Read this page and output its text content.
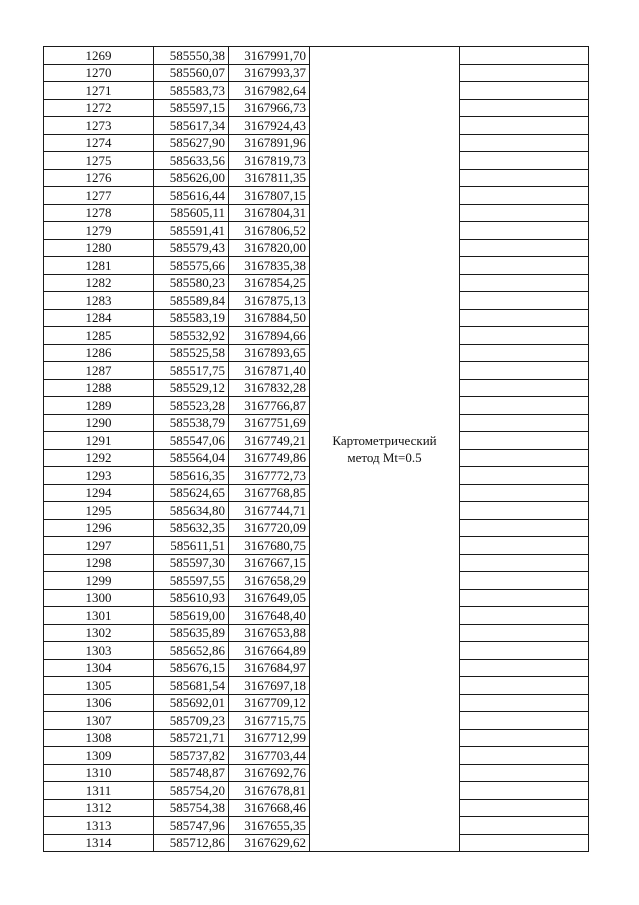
1269	585550,38	3167991,70	Картометрический
метод Mt=0.5	

1270	585560,07	3167993,37		
1271	585583,73	3167982,64		
1272	585597,15	3167966,73		
1273	585617,34	3167924,43		
1274	585627,90	3167891,96		
1275	585633,56	3167819,73		
1276	585626,00	3167811,35		
1277	585616,44	3167807,15		
1278	585605,11	3167804,31		
1279	585591,41	3167806,52		
1280	585579,43	3167820,00		
1281	585575,66	3167835,38		
1282	585580,23	3167854,25		
1283	585589,84	3167875,13		
1284	585583,19	3167884,50		
1285	585532,92	3167894,66		
1286	585525,58	3167893,65		
1287	585517,75	3167871,40		
1288	585529,12	3167832,28		
1289	585523,28	3167766,87		
1290	585538,79	3167751,69		
1291	585547,06	3167749,21		
1292	585564,04	3167749,86		
1293	585616,35	3167772,73		
1294	585624,65	3167768,85		
1295	585634,80	3167744,71		
1296	585632,35	3167720,09		
1297	585611,51	3167680,75		
1298	585597,30	3167667,15		
1299	585597,55	3167658,29		
1300	585610,93	3167649,05		
1301	585619,00	3167648,40		
1302	585635,89	3167653,88		
1303	585652,86	3167664,89		
1304	585676,15	3167684,97		
1305	585681,54	3167697,18		
1306	585692,01	3167709,12		
1307	585709,23	3167715,75		
1308	585721,71	3167712,99		
1309	585737,82	3167703,44		
1310	585748,87	3167692,76		
1311	585754,20	3167678,81		
1312	585754,38	3167668,46		
1313	585747,96	3167655,35		
1314	585712,86	3167629,62		
